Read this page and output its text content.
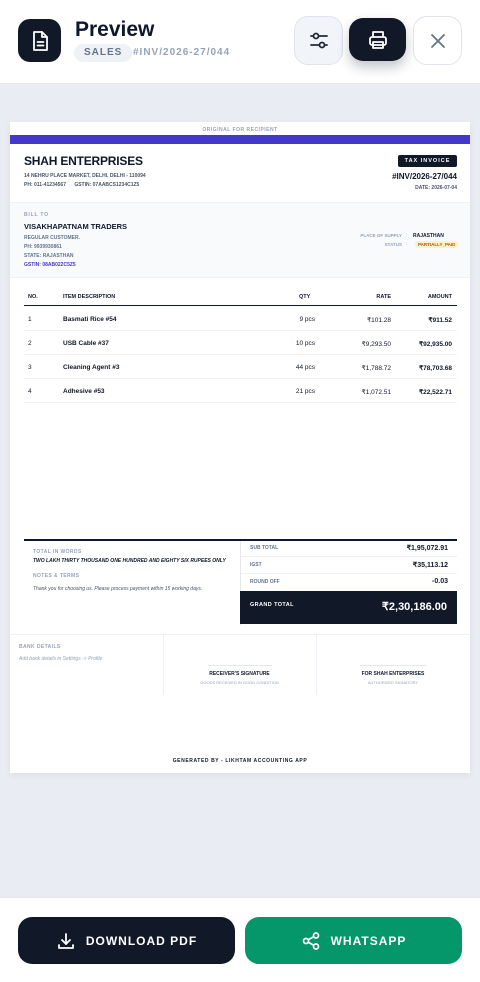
Preview
SALES	#INV/2026-27/044
ORIGINAL FOR RECIPIENT
SHAH ENTERPRISES
14 NEHRU PLACE MARKET, DELHI, DELHI - 110094
PH: 011-41234567      GSTIN: 07AABCS1234C1Z5
TAX INVOICE
#INV/2026-27/044
DATE: 2026-07-04
BILL TO
VISAKHAPATNAM TRADERS
REGULAR CUSTOMER.
PH: 9939930861
STATE: RAJASTHAN
GSTIN: 08AB022C5Z5
PLACE OF SUPPLY : RAJASTHAN
STATUS :	PARTIALLY_PAID
NO.	ITEM DESCRIPTION	QTY	RATE	AMOUNT
1	Basmati Rice #54	9 pcs	₹101.28	₹911.52
2	USB Cable #37	10 pcs	₹9,293.50	₹92,935.00
3	Cleaning Agent #3	44 pcs	₹1,788.72	₹78,703.68
4	Adhesive #53	21 pcs	₹1,072.51	₹22,522.71
TOTAL IN WORDS
TWO LAKH THIRTY THOUSAND ONE HUNDRED AND EIGHTY SIX RUPEES ONLY
NOTES & TERMS
Thank you for choosing us. Please process payment within 15 working days.
SUB TOTAL	₹1,95,072.91
IGST	₹35,113.12
ROUND OFF	-0.03
GRAND TOTAL	₹2,30,186.00
BANK DETAILS
Add bank details in Settings -> Profile
RECEIVER'S SIGNATURE
GOODS RECEIVED IN GOOD CONDITION
FOR SHAH ENTERPRISES
AUTHORIZED SIGNATORY
GENERATED BY - LIKHTAM ACCOUNTING APP
DOWNLOAD PDF	WHATSAPP
